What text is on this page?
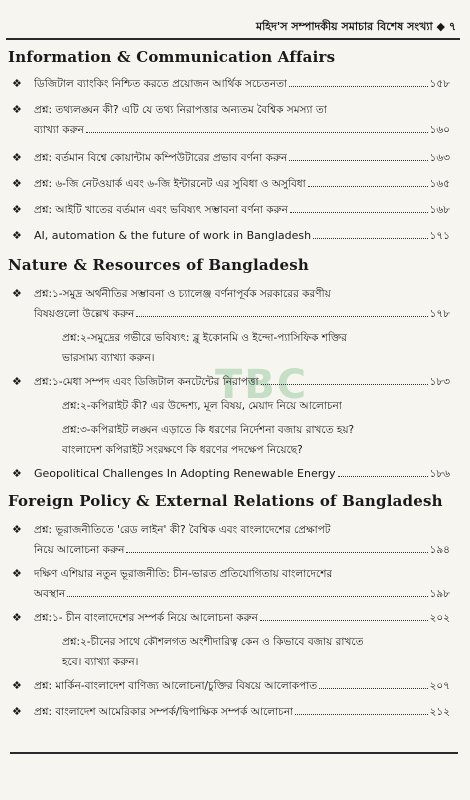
মহিদ'স সম্পাদকীয় সমাচার বিশেষ সংখ্যা ◆ ৭
TBC
Information & Communication Affairs
❖ ডিজিটাল ব্যাংকিং নিশ্চিত করতে প্রয়োজন আর্থিক সচেতনতা	১৫৮
❖ প্রশ্ন: তথ্যলঙ্ঘন কী? এটি যে তথ্য নিরাপত্তার অন্যতম বৈশ্বিক সমস্যা তা
ব্যাখ্যা করুন	১৬০
❖ প্রশ্ন: বর্তমান বিশ্বে কোয়ান্টাম কম্পিউটারের প্রভাব বর্ণনা করুন	১৬৩
❖ প্রশ্ন: ৬-জি নেটওয়ার্ক এবং ৬-জি ইন্টারনেট এর সুবিধা ও অসুবিধা	১৬৫
❖ প্রশ্ন: আইটি খাতের বর্তমান এবং ভবিষ্যৎ সম্ভাবনা বর্ণনা করুন	১৬৮
❖ AI, automation & the future of work in Bangladesh	১৭১
Nature & Resources of Bangladesh
❖ প্রশ্ন:১-সমুদ্র অর্থনীতির সম্ভাবনা ও চ্যালেঞ্জ বর্ণনাপূর্বক সরকারের করণীয়
বিষয়গুলো উল্লেখ করুন	১৭৮
প্রশ্ন:২-সমুদ্রের গভীরে ভবিষ্যৎ: ব্লু ইকোনমি ও ইন্দো-প্যাসিফিক শক্তির
ভারসাম্য ব্যাখ্যা করুন।
❖ প্রশ্ন:১-মেধা সম্পদ এবং ডিজিটাল কনটেন্টের নিরাপত্তা	১৮৩
প্রশ্ন:২-কপিরাইট কী? এর উদ্দেশ্য, মূল বিষয়, মেয়াদ নিয়ে আলোচনা
প্রশ্ন:৩-কপিরাইট লঙ্ঘন এড়াতে কি ধরণের নির্দেশনা বজায় রাখতে হয়?
বাংলাদেশ কপিরাইট সংরক্ষণে কি ধরণের পদক্ষেপ নিয়েছে?
❖ Geopolitical Challenges In Adopting Renewable Energy	১৮৬
Foreign Policy & External Relations of Bangladesh
❖ প্রশ্ন: ভূরাজনীতিতে 'রেড লাইন' কী? বৈশ্বিক এবং বাংলাদেশের প্রেক্ষাপট
নিয়ে আলোচনা করুন	১৯৪
❖ দক্ষিণ এশিয়ার নতুন ভূরাজনীতি: চীন-ভারত প্রতিযোগিতায় বাংলাদেশের
অবস্থান	১৯৮
❖ প্রশ্ন:১- চীন বাংলাদেশের সম্পর্ক নিয়ে আলোচনা করুন	২০২
প্রশ্ন:২-চীনের সাথে কৌশলগত অংশীদারিত্ব কেন ও কিভাবে বজায় রাখতে
হবে। ব্যাখ্যা করুন।
❖ প্রশ্ন: মার্কিন-বাংলাদেশ বাণিজ্য আলোচনা/চুক্তির বিষয়ে আলোকপাত	২০৭
❖ প্রশ্ন: বাংলাদেশ আমেরিকার সম্পর্ক/দ্বিপাক্ষিক সম্পর্ক আলোচনা	২১২
